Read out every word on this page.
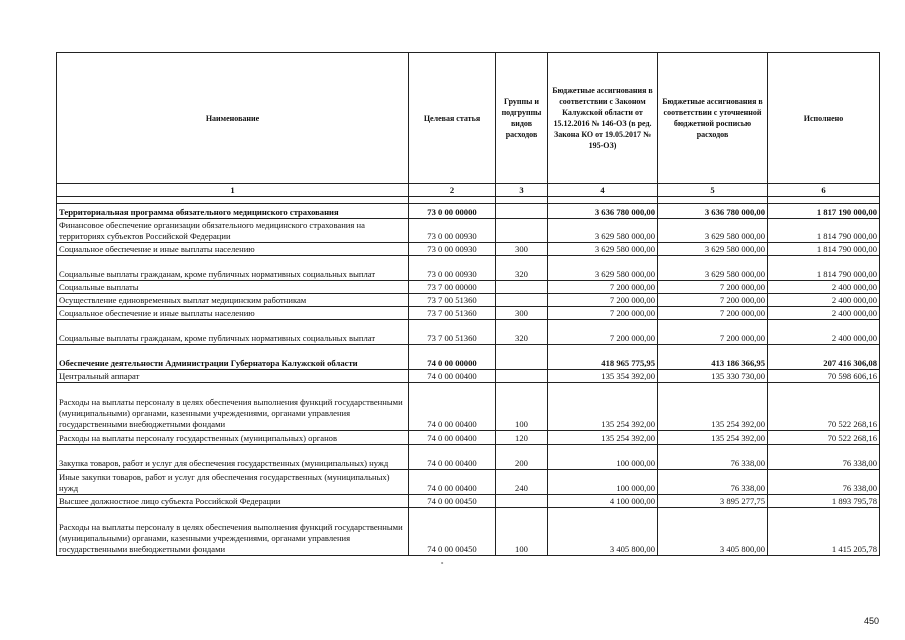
Наименование	Целевая статья	Группы и подгруппы видов расходов	Бюджетные ассигнования в соответствии с Законом Калужской области от 15.12.2016 № 146-ОЗ (в ред. Закона КО от 19.05.2017 № 195-ОЗ)	Бюджетные ассигнования в соответствии с уточненной бюджетной росписью расходов	Исполнено
1	2	3	4	5	6

Территориальная программа обязательного медицинского страхования	73 0 00 00000		3 636 780 000,00	3 636 780 000,00	1 817 190 000,00
Финансовое обеспечение организации обязательного медицинского страхования на территориях субъектов Российской Федерации	73 0 00 00930		3 629 580 000,00	3 629 580 000,00	1 814 790 000,00
Социальное обеспечение и иные выплаты населению	73 0 00 00930	300	3 629 580 000,00	3 629 580 000,00	1 814 790 000,00
Социальные выплаты гражданам, кроме публичных нормативных социальных выплат	73 0 00 00930	320	3 629 580 000,00	3 629 580 000,00	1 814 790 000,00
Социальные выплаты	73 7 00 00000		7 200 000,00	7 200 000,00	2 400 000,00
Осуществление единовременных выплат медицинским работникам	73 7 00 51360		7 200 000,00	7 200 000,00	2 400 000,00
Социальное обеспечение и иные выплаты населению	73 7 00 51360	300	7 200 000,00	7 200 000,00	2 400 000,00
Социальные выплаты гражданам, кроме публичных нормативных социальных выплат	73 7 00 51360	320	7 200 000,00	7 200 000,00	2 400 000,00
Обеспечение деятельности Администрации Губернатора Калужской области	74 0 00 00000		418 965 775,95	413 186 366,95	207 416 306,08
Центральный аппарат	74 0 00 00400		135 354 392,00	135 330 730,00	70 598 606,16
Расходы на выплаты персоналу в целях обеспечения выполнения функций государственными (муниципальными) органами, казенными учреждениями, органами управления государственными внебюджетными фондами	74 0 00 00400	100	135 254 392,00	135 254 392,00	70 522 268,16
Расходы на выплаты персоналу государственных (муниципальных) органов	74 0 00 00400	120	135 254 392,00	135 254 392,00	70 522 268,16
Закупка товаров, работ и услуг для обеспечения государственных (муниципальных) нужд	74 0 00 00400	200	100 000,00	76 338,00	76 338,00
Иные закупки товаров, работ и услуг для обеспечения государственных (муниципальных) нужд	74 0 00 00400	240	100 000,00	76 338,00	76 338,00
Высшее должностное лицо субъекта Российской Федерации	74 0 00 00450		4 100 000,00	3 895 277,75	1 893 795,78
Расходы на выплаты персоналу в целях обеспечения выполнения функций государственными (муниципальными) органами, казенными учреждениями, органами управления государственными внебюджетными фондами	74 0 00 00450	100	3 405 800,00	3 405 800,00	1 415 205,78
°
450
